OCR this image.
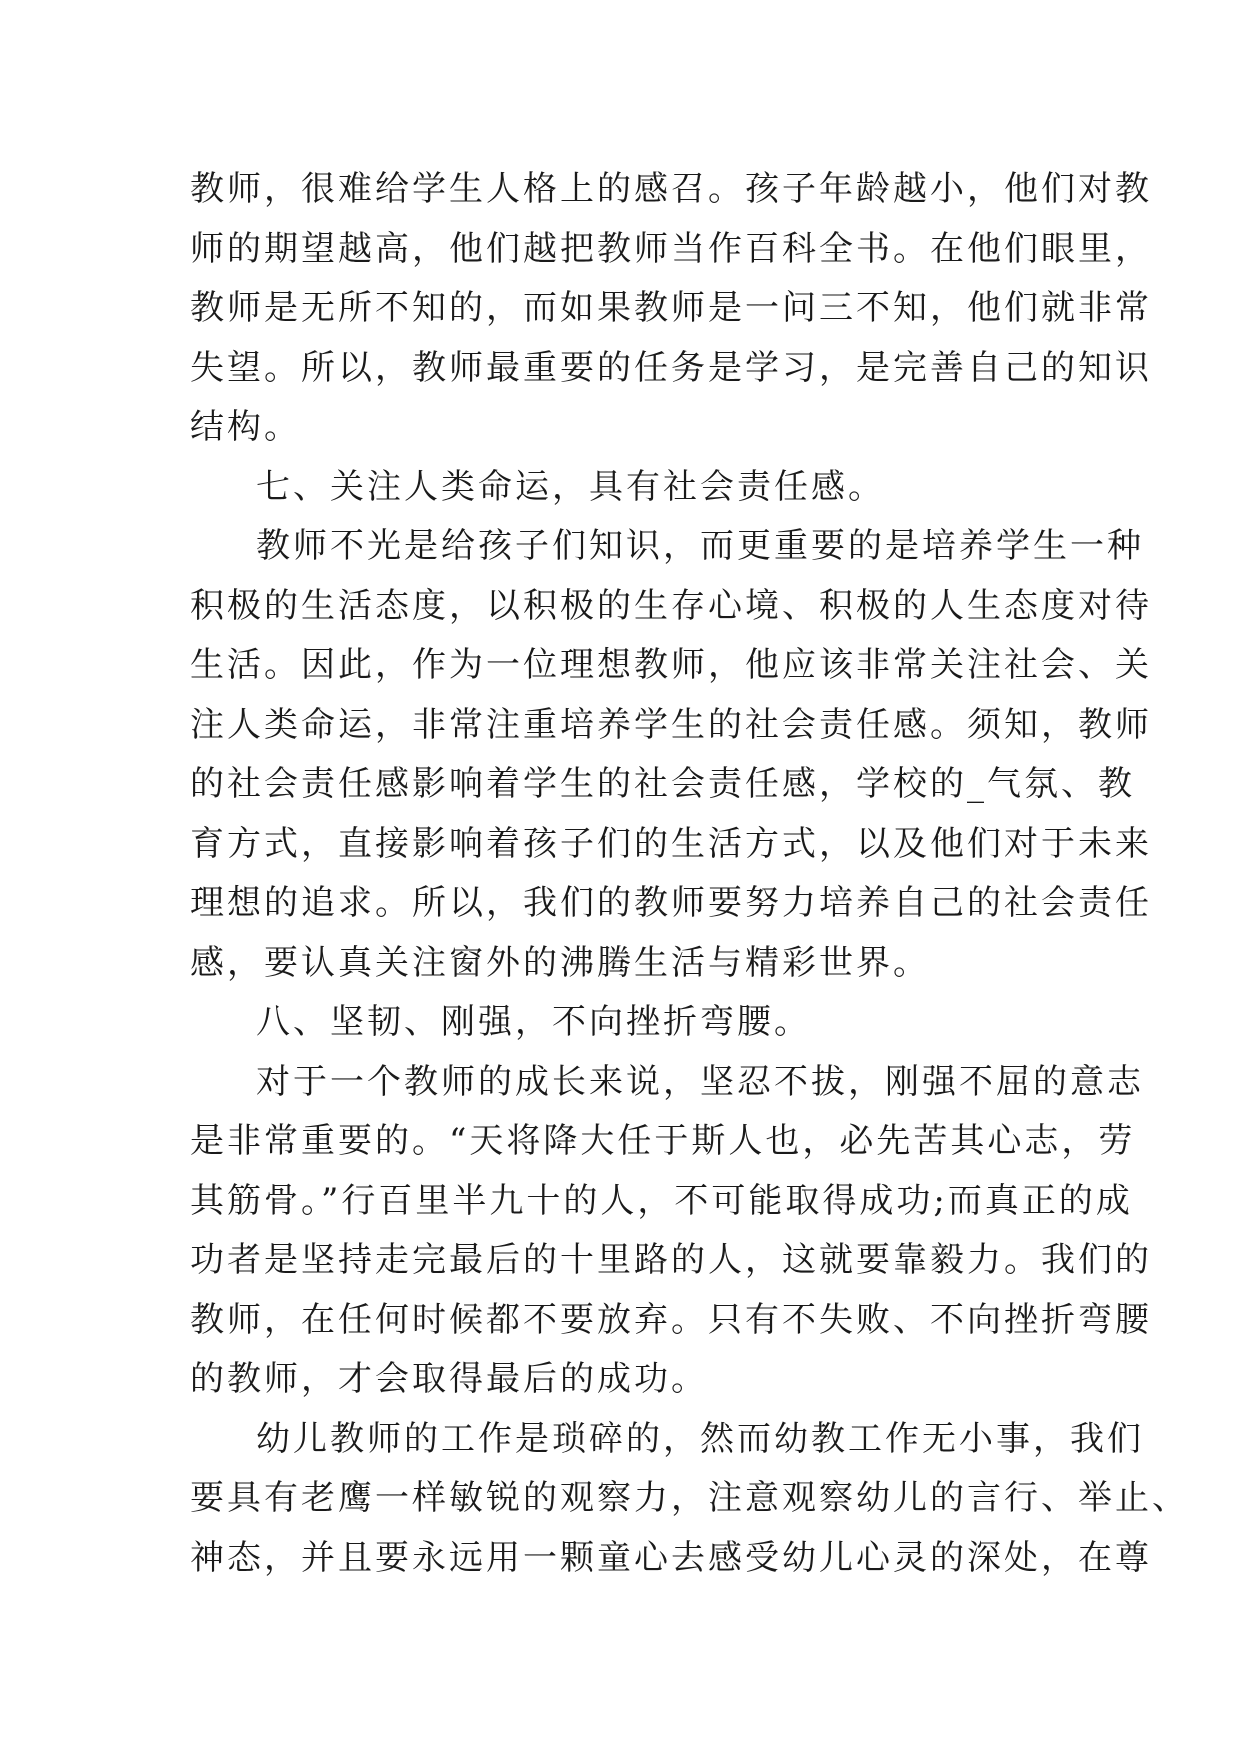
教师，很难给学生人格上的感召。孩子年龄越小，他们对教
师的期望越高，他们越把教师当作百科全书。在他们眼里，
教师是无所不知的，而如果教师是一问三不知，他们就非常
失望。所以，教师最重要的任务是学习，是完善自己的知识
结构。
七、关注人类命运，具有社会责任感。
教师不光是给孩子们知识，而更重要的是培养学生一种
积极的生活态度，以积极的生存心境、积极的人生态度对待
生活。因此，作为一位理想教师，他应该非常关注社会、关
注人类命运，非常注重培养学生的社会责任感。须知，教师
的社会责任感影响着学生的社会责任感，学校的_气氛、教
育方式，直接影响着孩子们的生活方式，以及他们对于未来
理想的追求。所以，我们的教师要努力培养自己的社会责任
感，要认真关注窗外的沸腾生活与精彩世界。
八、坚韧、刚强，不向挫折弯腰。
对于一个教师的成长来说，坚忍不拔，刚强不屈的意志
是非常重要的。“天将降大任于斯人也，必先苦其心志，劳
其筋骨。”行百里半九十的人，不可能取得成功;而真正的成
功者是坚持走完最后的十里路的人，这就要靠毅力。我们的
教师，在任何时候都不要放弃。只有不失败、不向挫折弯腰
的教师，才会取得最后的成功。
幼儿教师的工作是琐碎的，然而幼教工作无小事，我们
要具有老鹰一样敏锐的观察力，注意观察幼儿的言行、举止、
神态，并且要永远用一颗童心去感受幼儿心灵的深处，在尊
